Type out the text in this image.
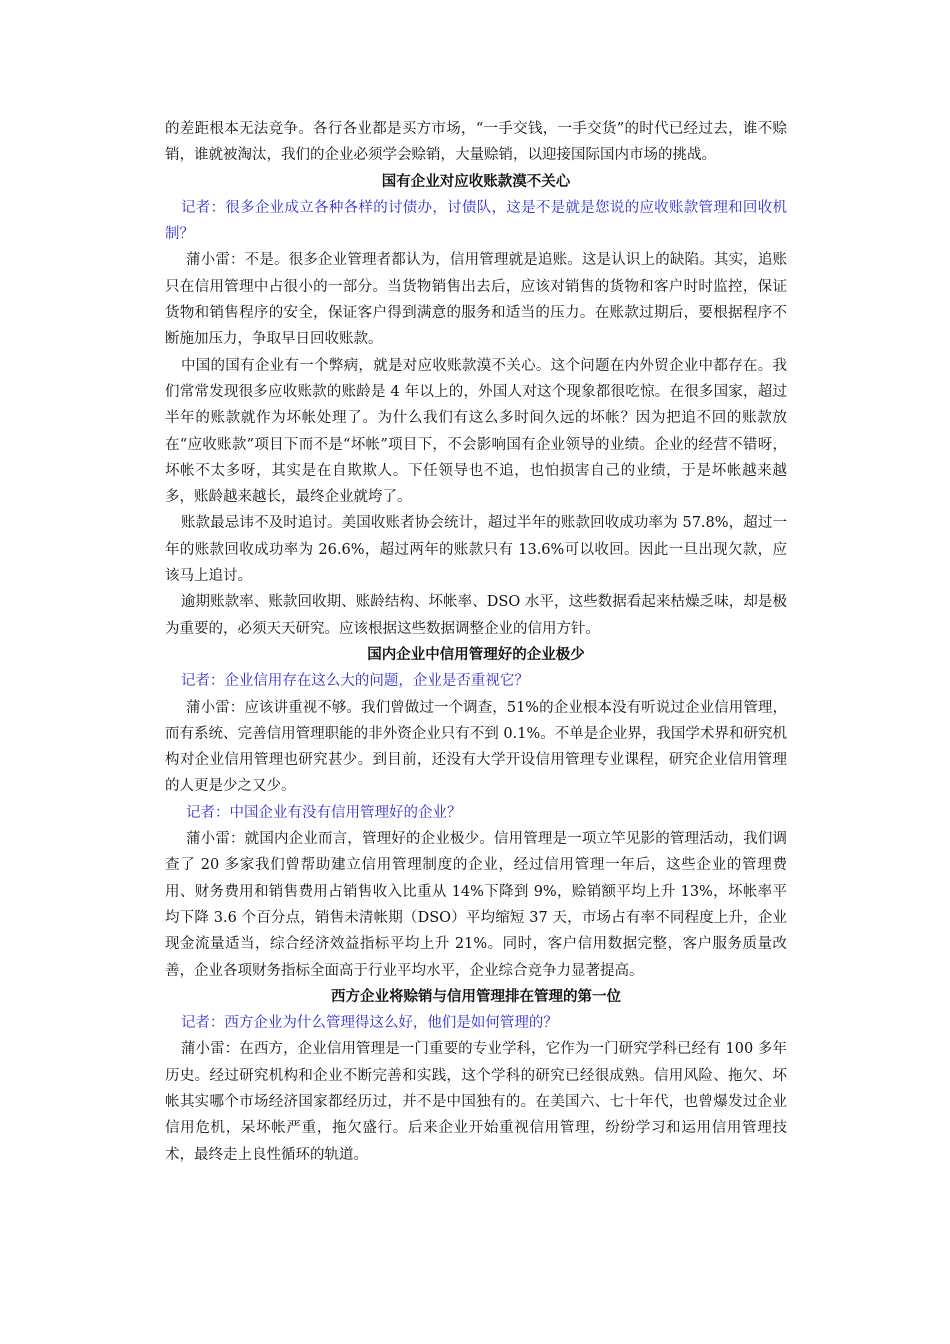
的差距根本无法竞争。各行各业都是买方市场，“一手交钱，一手交货”的时代已经过去，谁不赊销，谁就被淘汰，我们的企业必须学会赊销，大量赊销，以迎接国际国内市场的挑战。

国有企业对应收账款漠不关心

记者：很多企业成立各种各样的讨债办，讨债队，这是不是就是您说的应收账款管理和回收机制？

蒲小雷：不是。很多企业管理者都认为，信用管理就是追账。这是认识上的缺陷。其实，追账只在信用管理中占很小的一部分。当货物销售出去后，应该对销售的货物和客户时时监控，保证货物和销售程序的安全，保证客户得到满意的服务和适当的压力。在账款过期后，要根据程序不断施加压力，争取早日回收账款。

中国的国有企业有一个弊病，就是对应收账款漠不关心。这个问题在内外贸企业中都存在。我们常常发现很多应收账款的账龄是 4 年以上的，外国人对这个现象都很吃惊。在很多国家，超过半年的账款就作为坏帐处理了。为什么我们有这么多时间久远的坏帐？因为把追不回的账款放在“应收账款”项目下而不是“坏帐”项目下，不会影响国有企业领导的业绩。企业的经营不错呀，坏帐不太多呀，其实是在自欺欺人。下任领导也不追，也怕损害自己的业绩，于是坏帐越来越多，账龄越来越长，最终企业就垮了。

账款最忌讳不及时追讨。美国收账者协会统计，超过半年的账款回收成功率为 57.8%，超过一年的账款回收成功率为 26.6%，超过两年的账款只有 13.6%可以收回。因此一旦出现欠款，应该马上追讨。

逾期账款率、账款回收期、账龄结构、坏帐率、DSO 水平，这些数据看起来枯燥乏味，却是极为重要的，必须天天研究。应该根据这些数据调整企业的信用方针。

国内企业中信用管理好的企业极少

记者：企业信用存在这么大的问题，企业是否重视它？

蒲小雷：应该讲重视不够。我们曾做过一个调查，51%的企业根本没有听说过企业信用管理，而有系统、完善信用管理职能的非外资企业只有不到 0.1%。不单是企业界，我国学术界和研究机构对企业信用管理也研究甚少。到目前，还没有大学开设信用管理专业课程，研究企业信用管理的人更是少之又少。

记者：中国企业有没有信用管理好的企业？

蒲小雷：就国内企业而言，管理好的企业极少。信用管理是一项立竿见影的管理活动，我们调查了 20 多家我们曾帮助建立信用管理制度的企业，经过信用管理一年后，这些企业的管理费用、财务费用和销售费用占销售收入比重从 14%下降到 9%，赊销额平均上升 13%，坏帐率平均下降 3.6 个百分点，销售未清帐期（DSO）平均缩短 37 天，市场占有率不同程度上升，企业现金流量适当，综合经济效益指标平均上升 21%。同时，客户信用数据完整，客户服务质量改善，企业各项财务指标全面高于行业平均水平，企业综合竞争力显著提高。

西方企业将赊销与信用管理排在管理的第一位

记者：西方企业为什么管理得这么好，他们是如何管理的？

蒲小雷：在西方，企业信用管理是一门重要的专业学科，它作为一门研究学科已经有 100 多年历史。经过研究机构和企业不断完善和实践，这个学科的研究已经很成熟。信用风险、拖欠、坏帐其实哪个市场经济国家都经历过，并不是中国独有的。在美国六、七十年代，也曾爆发过企业信用危机，呆坏帐严重，拖欠盛行。后来企业开始重视信用管理，纷纷学习和运用信用管理技术，最终走上良性循环的轨道。
